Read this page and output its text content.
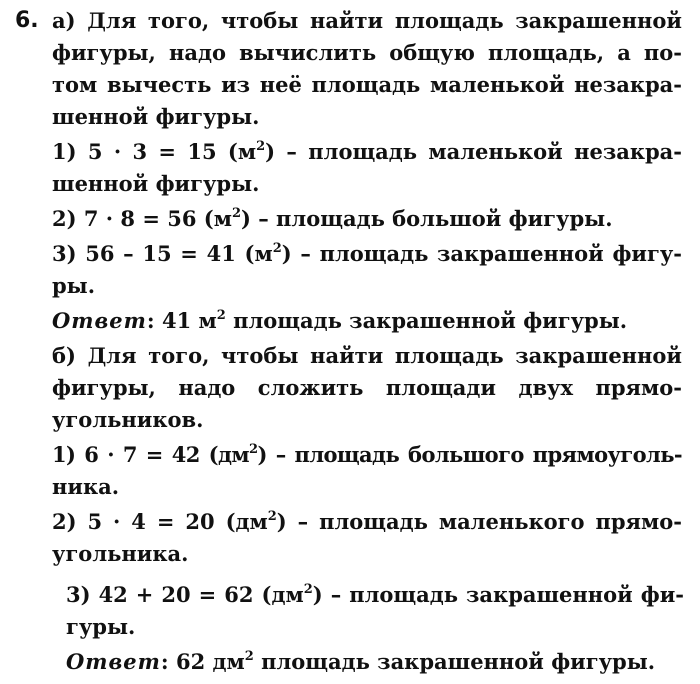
6. а) Для того, чтобы найти площадь закрашенной
фигуры, надо вычислить общую площадь, а по-
том вычесть из неё площадь маленькой незакра-
шенной фигуры.
1) 5 · 3 = 15 $(м^2)$ – площадь маленькой незакра-
шенной фигуры.
2) 7 · 8 = 56 $(м^2)$ – площадь большой фигуры.
3) 56 – 15 = 41 $(м^2)$ – площадь закрашенной фигу-
ры.
Ответ: 41 $м^2$ площадь закрашенной фигуры.
б) Для того, чтобы найти площадь закрашенной
фигуры, надо сложить площади двух прямо-
угольников.
1) 6 · 7 = 42 $(дм^2)$ – площадь большого прямоуголь-
ника.
2) 5 · 4 = 20 $(дм^2)$ – площадь маленького прямо-
угольника.
3) 42 + 20 = 62 $(дм^2)$ – площадь закрашенной фи-
гуры.
Ответ: 62 $дм^2$ площадь закрашенной фигуры.
